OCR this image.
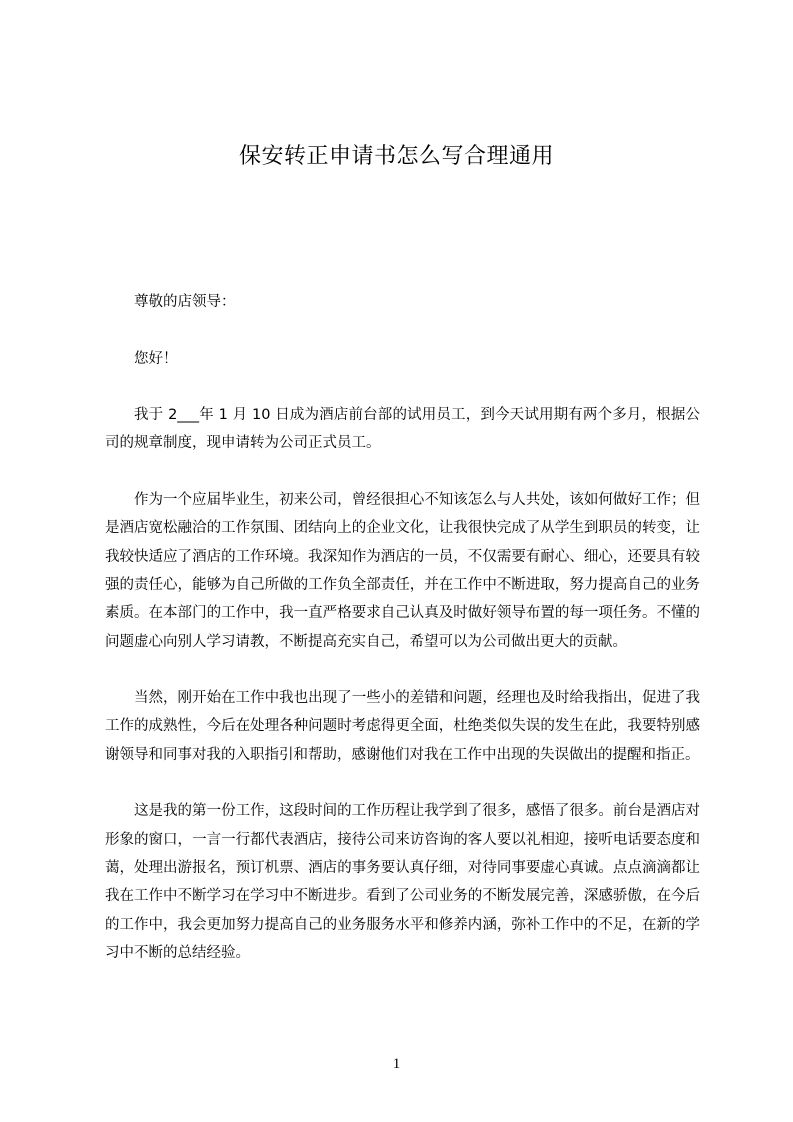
保安转正申请书怎么写合理通用

尊敬的店领导：

您好！

我于 2___年 1 月 10 日成为酒店前台部的试用员工，到今天试用期有两个多月，根据公司的规章制度，现申请转为公司正式员工。

作为一个应届毕业生，初来公司，曾经很担心不知该怎么与人共处，该如何做好工作；但是酒店宽松融洽的工作氛围、团结向上的企业文化，让我很快完成了从学生到职员的转变，让我较快适应了酒店的工作环境。我深知作为酒店的一员，不仅需要有耐心、细心，还要具有较强的责任心，能够为自己所做的工作负全部责任，并在工作中不断进取，努力提高自己的业务素质。在本部门的工作中，我一直严格要求自己认真及时做好领导布置的每一项任务。不懂的问题虚心向别人学习请教，不断提高充实自己，希望可以为公司做出更大的贡献。

当然，刚开始在工作中我也出现了一些小的差错和问题，经理也及时给我指出，促进了我工作的成熟性，今后在处理各种问题时考虑得更全面，杜绝类似失误的发生在此，我要特别感谢领导和同事对我的入职指引和帮助，感谢他们对我在工作中出现的失误做出的提醒和指正。

这是我的第一份工作，这段时间的工作历程让我学到了很多，感悟了很多。前台是酒店对形象的窗口，一言一行都代表酒店，接待公司来访咨询的客人要以礼相迎，接听电话要态度和蔼，处理出游报名，预订机票、酒店的事务要认真仔细，对待同事要虚心真诚。点点滴滴都让我在工作中不断学习在学习中不断进步。看到了公司业务的不断发展完善，深感骄傲，在今后的工作中，我会更加努力提高自己的业务服务水平和修养内涵，弥补工作中的不足，在新的学习中不断的总结经验。

1
